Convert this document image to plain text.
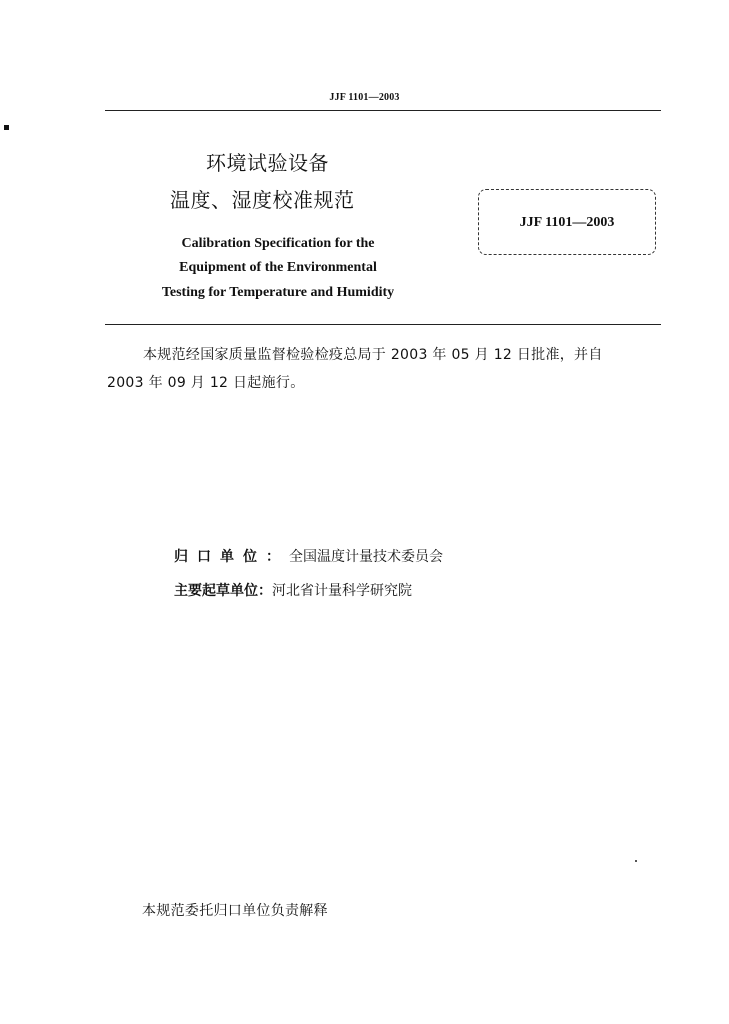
JJF 1101—2003
环境试验设备
温度、湿度校准规范
JJF 1101—2003
Calibration Specification for the
Equipment of the Environmental
Testing for Temperature and Humidity
本规范经国家质量监督检验检疫总局于 2003 年 05 月 12 日批准，并自
2003 年 09 月 12 日起施行。
归口单位：全国温度计量技术委员会
主要起草单位：河北省计量科学研究院
本规范委托归口单位负责解释
